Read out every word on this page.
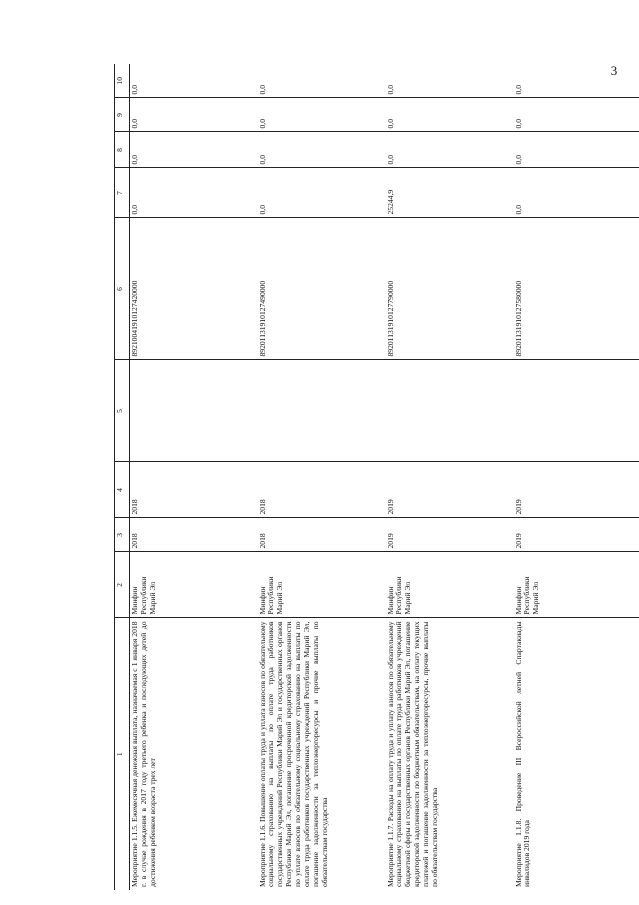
3
1	2	3	4	5	6	7	8	9	10
Мероприятие 1.1.5. Ежемесячная денежная выплата, назначаемая с 1 января 2018 г. в случае рождения в 2017 году третьего ребенка и последующих детей до достижения ребенком возраста трех лет	Минфин Республики Марий Эл	2018	2018		89210041910127420000	0,0	0,0	0,0	0,0
Мероприятие 1.1.6. Повышение оплаты труда и уплата взносов по обязательному социальному страхованию на выплаты по оплате труда работников государственных учреждений Республики Марий Эл и государственных органов Республики Марий Эл, погашение просроченной кредиторской задолженности по уплате взносов по обязательному социальному страхованию на выплаты по оплате труда работников государственных учреждений Республики Марий Эл, погашение задолженности за теплоэнергоресурсы и прочие выплаты по обязательствам государства	Минфин Республики Марий Эл	2018	2018		89201131910127490000	0,0	0,0	0,0	0,0
Мероприятие 1.1.7. Расходы на оплату труда и уплату взносов по обязательному социальному страхованию на выплаты по оплате труда работников учреждений бюджетной сферы и государственных органов Республики Марий Эл, погашение кредиторской задолженности по бюджетным обязательствам, на оплату текущих платежей и погашение задолженности за теплоэнергоресурсы, прочие выплаты по обязательствам государства	Минфин Республики Марий Эл	2019	2019		89201131910127790000	25244,9	0,0	0,0	0,0
Мероприятие 1.1.8. Проведение III Всероссийской летней Спартакиады инвалидов 2019 года	Минфин Республики Марий Эл	2019	2019		89201131910127580000	0,0	0,0	0,0	0,0
